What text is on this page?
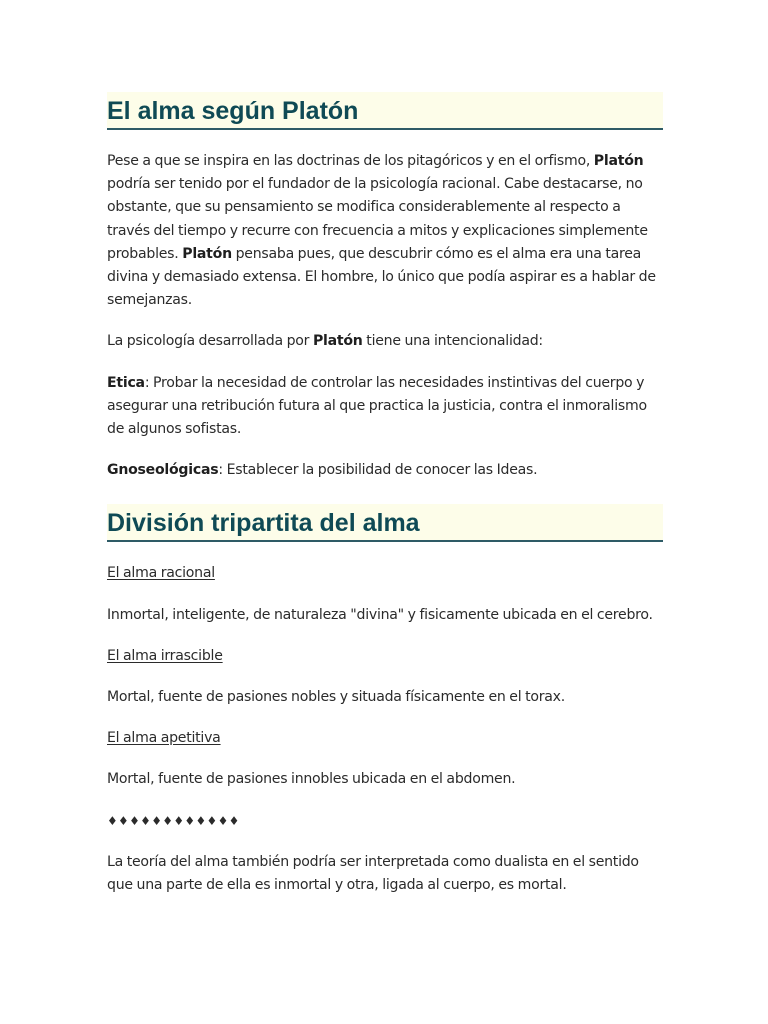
El alma según Platón

Pese a que se inspira en las doctrinas de los pitagóricos y en el orfismo, Platón podría ser tenido por el fundador de la psicología racional. Cabe destacarse, no obstante, que su pensamiento se modifica considerablemente al respecto a través del tiempo y recurre con frecuencia a mitos y explicaciones simplemente probables. Platón pensaba pues, que descubrir cómo es el alma era una tarea divina y demasiado extensa. El hombre, lo único que podía aspirar es a hablar de semejanzas.

La psicología desarrollada por Platón tiene una intencionalidad:

Etica: Probar la necesidad de controlar las necesidades instintivas del cuerpo y asegurar una retribución futura al que practica la justicia, contra el inmoralismo de algunos sofistas.

Gnoseológicas: Establecer la posibilidad de conocer las Ideas.

División tripartita del alma

El alma racional

Inmortal, inteligente, de naturaleza "divina" y fisicamente ubicada en el cerebro.

El alma irrascible

Mortal, fuente de pasiones nobles y situada físicamente en el torax.

El alma apetitiva

Mortal, fuente de pasiones innobles ubicada en el abdomen.

♦♦♦♦♦♦♦♦♦♦♦♦

La teoría del alma también podría ser interpretada como dualista en el sentido que una parte de ella es inmortal y otra, ligada al cuerpo, es mortal.
